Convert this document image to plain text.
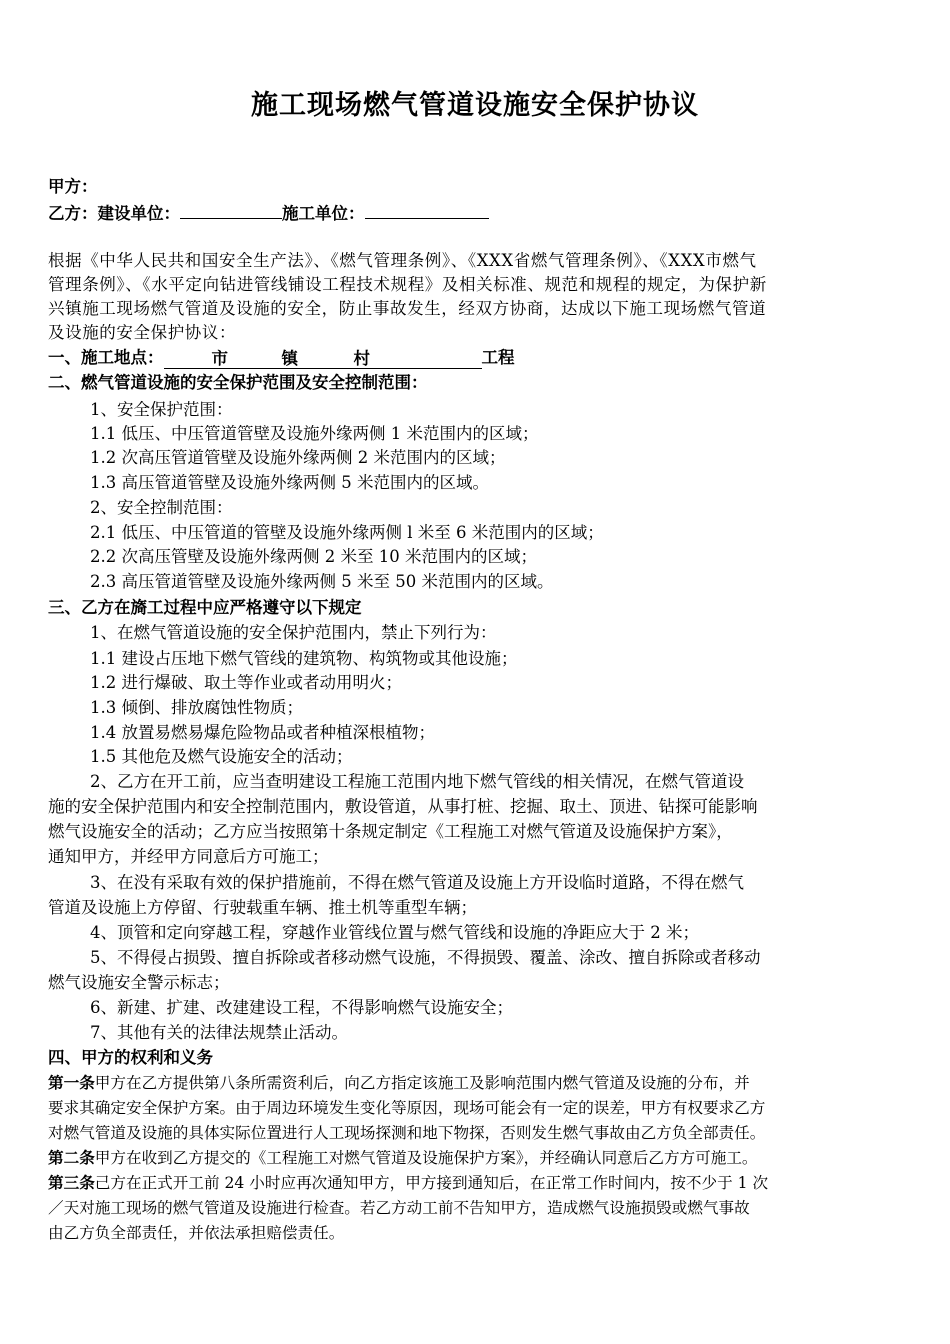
施工现场燃气管道设施安全保护协议
甲方：
乙方：建设单位：	施工单位：
根据《中华人民共和国安全生产法》、《燃气管理条例》、《XXX省燃气管理条例》、《XXX市燃气
管理条例》、《水平定向钻进管线铺设工程技术规程》及相关标准、规范和规程的规定，为保护新
兴镇施工现场燃气管道及设施的安全，防止事故发生，经双方协商，达成以下施工现场燃气管道
及设施的安全保护协议：
一、施工地点：	市	镇	村	工程
二、燃气管道设施的安全保护范围及安全控制范围：
1、安全保护范围：
1.1 低压、中压管道管壁及设施外缘两侧 1 米范围内的区域；
1.2 次高压管道管壁及设施外缘两侧 2 米范围内的区域；
1.3 高压管道管壁及设施外缘两侧 5 米范围内的区域。
2、安全控制范围：
2.1 低压、中压管道的管壁及设施外缘两侧 l 米至 6 米范围内的区域；
2.2 次高压管壁及设施外缘两侧 2 米至 10 米范围内的区域；
2.3 高压管道管壁及设施外缘两侧 5 米至 50 米范围内的区域。
三、乙方在旖工过程中应严格遵守以下规定
1、在燃气管道设施的安全保护范围内，禁止下列行为：
1.1 建设占压地下燃气管线的建筑物、构筑物或其他设施；
1.2 进行爆破、取土等作业或者动用明火；
1.3 倾倒、排放腐蚀性物质；
1.4 放置易燃易爆危险物品或者种植深根植物；
1.5 其他危及燃气设施安全的活动；
2、乙方在开工前，应当查明建设工程施工范围内地下燃气管线的相关情况，在燃气管道设
施的安全保护范围内和安全控制范围内，敷设管道，从事打桩、挖掘、取土、顶进、钻探可能影响
燃气设施安全的活动；乙方应当按照第十条规定制定《工程施工对燃气管道及设施保护方案》，
通知甲方，并经甲方同意后方可施工；
3、在没有采取有效的保护措施前，不得在燃气管道及设施上方开设临时道路，不得在燃气
管道及设施上方停留、行驶载重车辆、推土机等重型车辆；
4、顶管和定向穿越工程，穿越作业管线位置与燃气管线和设施的净距应大于 2 米；
5、不得侵占损毁、擅自拆除或者移动燃气设施，不得损毁、覆盖、涂改、擅自拆除或者移动
燃气设施安全警示标志；
6、新建、扩建、改建建设工程，不得影响燃气设施安全；
7、其他有关的法律法规禁止活动。
四、甲方的权利和义务
第一条甲方在乙方提供第八条所需资利后，向乙方指定该施工及影响范围内燃气管道及设施的分布，并
要求其确定安全保护方案。由于周边环境发生变化等原因，现场可能会有一定的误差，甲方有权要求乙方
对燃气管道及设施的具体实际位置进行人工现场探测和地下物探，否则发生燃气事故由乙方负全部责任。
第二条甲方在收到乙方提交的《工程施工对燃气管道及设施保护方案》，并经确认同意后乙方方可施工。
第三条己方在正式开工前 24 小时应再次通知甲方，甲方接到通知后，在正常工作时间内，按不少于 1 次
／天对施工现场的燃气管道及设施进行检查。若乙方动工前不告知甲方，造成燃气设施损毁或燃气事故
由乙方负全部责任，并依法承担赔偿责任。
